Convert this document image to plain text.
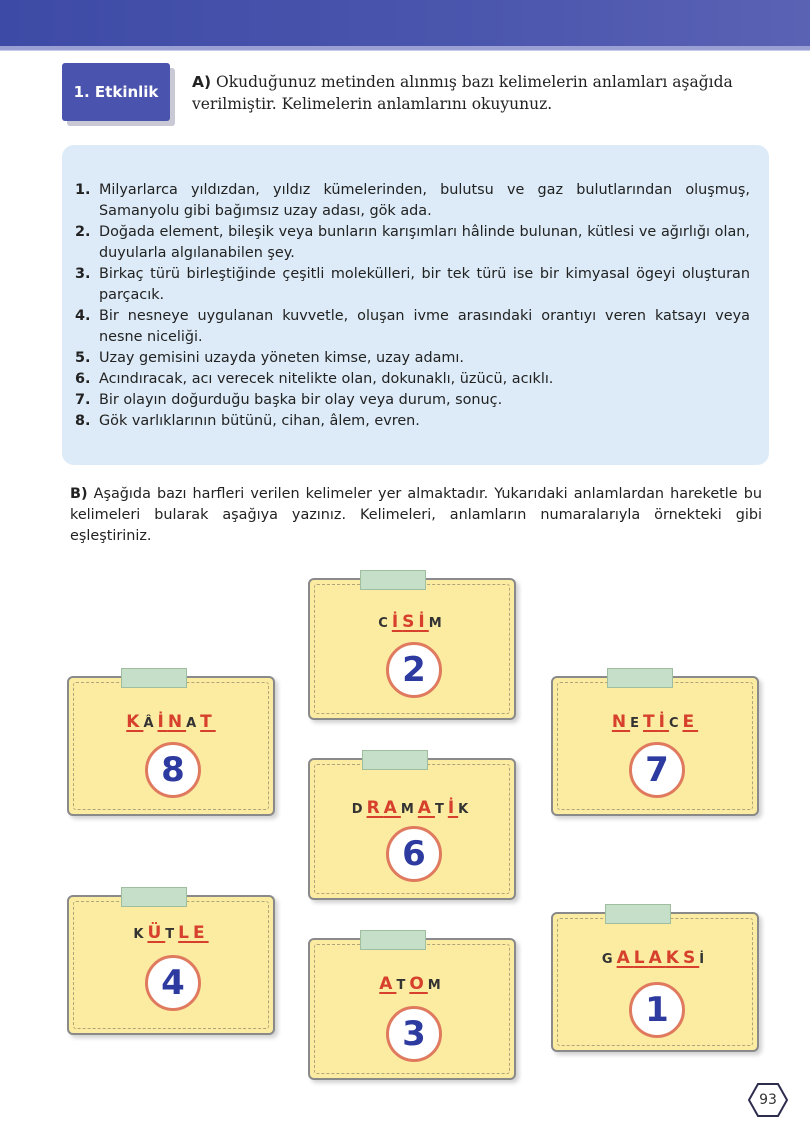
1. Etkinlik

A) Okuduğunuz metinden alınmış bazı kelimelerin anlamları aşağıda verilmiştir. Kelimelerin anlamlarını okuyunuz.

1. Milyarlarca yıldızdan, yıldız kümelerinden, bulutsu ve gaz bulutlarından oluşmuş, Samanyolu gibi bağımsız uzay adası, gök ada.
2. Doğada element, bileşik veya bunların karışımları hâlinde bulunan, kütlesi ve ağırlığı olan, duyularla algılanabilen şey.
3. Birkaç türü birleştiğinde çeşitli molekülleri, bir tek türü ise bir kimyasal ögeyi oluşturan parçacık.
4. Bir nesneye uygulanan kuvvetle, oluşan ivme arasındaki orantıyı veren katsayı veya nesne niceliği.
5. Uzay gemisini uzayda yöneten kimse, uzay adamı.
6. Acındıracak, acı verecek nitelikte olan, dokunaklı, üzücü, acıklı.
7. Bir olayın doğurduğu başka bir olay veya durum, sonuç.
8. Gök varlıklarının bütünü, cihan, âlem, evren.

B) Aşağıda bazı harfleri verilen kelimeler yer almaktadır. Yukarıdaki anlamlardan hareketle bu kelimeleri bularak aşağıya yazınız. Kelimeleri, anlamların numaralarıyla örnekteki gibi eşleştiriniz.

CİSİM
2
KÂİNAT
8
NETİCE
7
DRAMATİK
6
KÜTLE
4
GALAKSİ
1
ATOM
3
93
